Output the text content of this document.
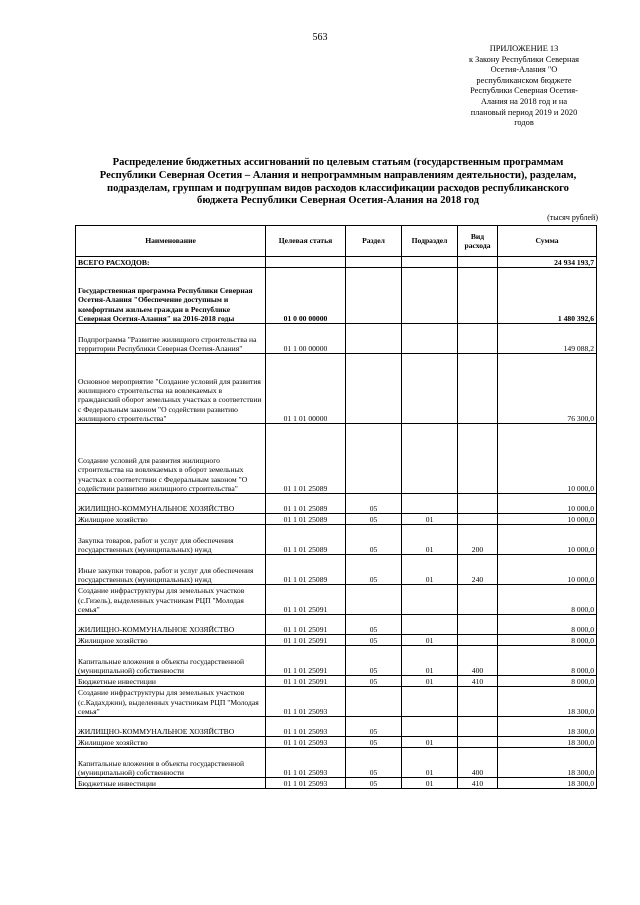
563
ПРИЛОЖЕНИЕ 13
к Закону Республики Северная
Осетия-Алания "О
республиканском бюджете
Республики Северная Осетия-
Алания на 2018 год и на
плановый период 2019 и 2020
годов
Распределение бюджетных ассигнований по целевым статьям (государственным программам
Республики Северная Осетия – Алания и непрограммным направлениям деятельности), разделам,
подразделам, группам и подгруппам видов расходов классификации расходов республиканского
бюджета Республики Северная Осетия-Алания на 2018 год
(тысяч рублей)
Наименование	Целевая статья	Раздел	Подраздел	Вид расхода	Сумма
ВСЕГО РАСХОДОВ:					24 934 193,7
Государственная программа Республики Северная Осетия-Алания "Обеспечение доступным и комфортным жильем граждан в Республике Северная Осетия-Алания" на 2016-2018 годы	01 0 00 00000				1 480 392,6
Подпрограмма "Развитие жилищного строительства на территории Республики Северная Осетия-Алания"	01 1 00 00000				149 088,2
Основное мероприятие "Создание условий для развития жилищного строительства на вовлекаемых в гражданский оборот земельных участках в соответствии с Федеральным законом "О содействии развитию жилищного строительства"	01 1 01 00000				76 300,0
Создание условий для развития жилищного строительства на вовлекаемых в оборот земельных участках в соответствии с Федеральным законом "О содействии развитию жилищного строительства"	01 1 01 25089				10 000,0
ЖИЛИЩНО-КОММУНАЛЬНОЕ ХОЗЯЙСТВО	01 1 01 25089	05			10 000,0
Жилищное хозяйство	01 1 01 25089	05	01		10 000,0
Закупка товаров, работ и услуг для обеспечения государственных (муниципальных) нужд	01 1 01 25089	05	01	200	10 000,0
Иные закупки товаров, работ и услуг для обеспечения государственных (муниципальных) нужд	01 1 01 25089	05	01	240	10 000,0
Создание инфраструктуры для земельных участков (с.Гизель), выделенных участникам РЦП "Молодая семья"	01 1 01 25091				8 000,0
ЖИЛИЩНО-КОММУНАЛЬНОЕ ХОЗЯЙСТВО	01 1 01 25091	05			8 000,0
Жилищное хозяйство	01 1 01 25091	05	01		8 000,0
Капитальные вложения в объекты государственной (муниципальной) собственности	01 1 01 25091	05	01	400	8 000,0
Бюджетные инвестиции	01 1 01 25091	05	01	410	8 000,0
Создание инфраструктуры для земельных участков (с.Кадахджин), выделенных участникам РЦП "Молодая семья"	01 1 01 25093				18 300,0
ЖИЛИЩНО-КОММУНАЛЬНОЕ ХОЗЯЙСТВО	01 1 01 25093	05			18 300,0
Жилищное хозяйство	01 1 01 25093	05	01		18 300,0
Капитальные вложения в объекты государственной (муниципальной) собственности	01 1 01 25093	05	01	400	18 300,0
Бюджетные инвестиции	01 1 01 25093	05	01	410	18 300,0
